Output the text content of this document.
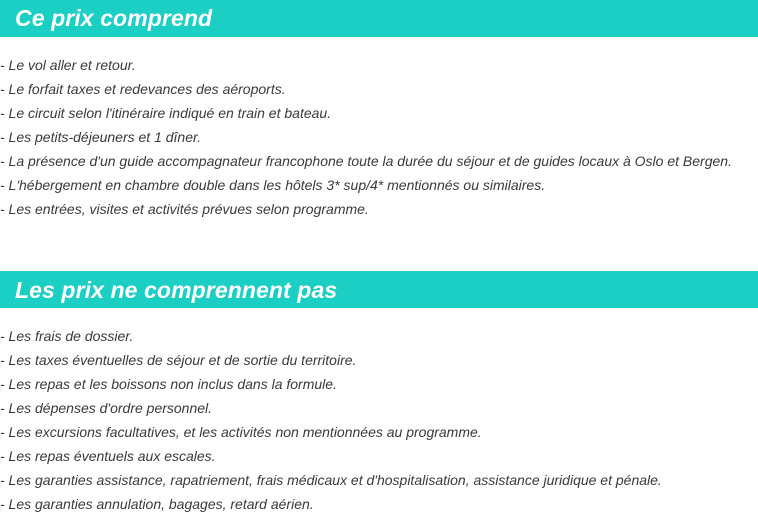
Ce prix comprend
- Le vol aller et retour.
- Le forfait taxes et redevances des aéroports.
- Le circuit selon l'itinéraire indiqué en train et bateau.
- Les petits-déjeuners et 1 dîner.
- La présence d'un guide accompagnateur francophone toute la durée du séjour et de guides locaux à Oslo et Bergen.
- L'hébergement en chambre double dans les hôtels 3* sup/4* mentionnés ou similaires.
- Les entrées, visites et activités prévues selon programme.
Les prix ne comprennent pas
- Les frais de dossier.
- Les taxes éventuelles de séjour et de sortie du territoire.
- Les repas et les boissons non inclus dans la formule.
- Les dépenses d'ordre personnel.
- Les excursions facultatives, et les activités non mentionnées au programme.
- Les repas éventuels aux escales.
- Les garanties assistance, rapatriement, frais médicaux et d'hospitalisation, assistance juridique et pénale.
- Les garanties annulation, bagages, retard aérien.
